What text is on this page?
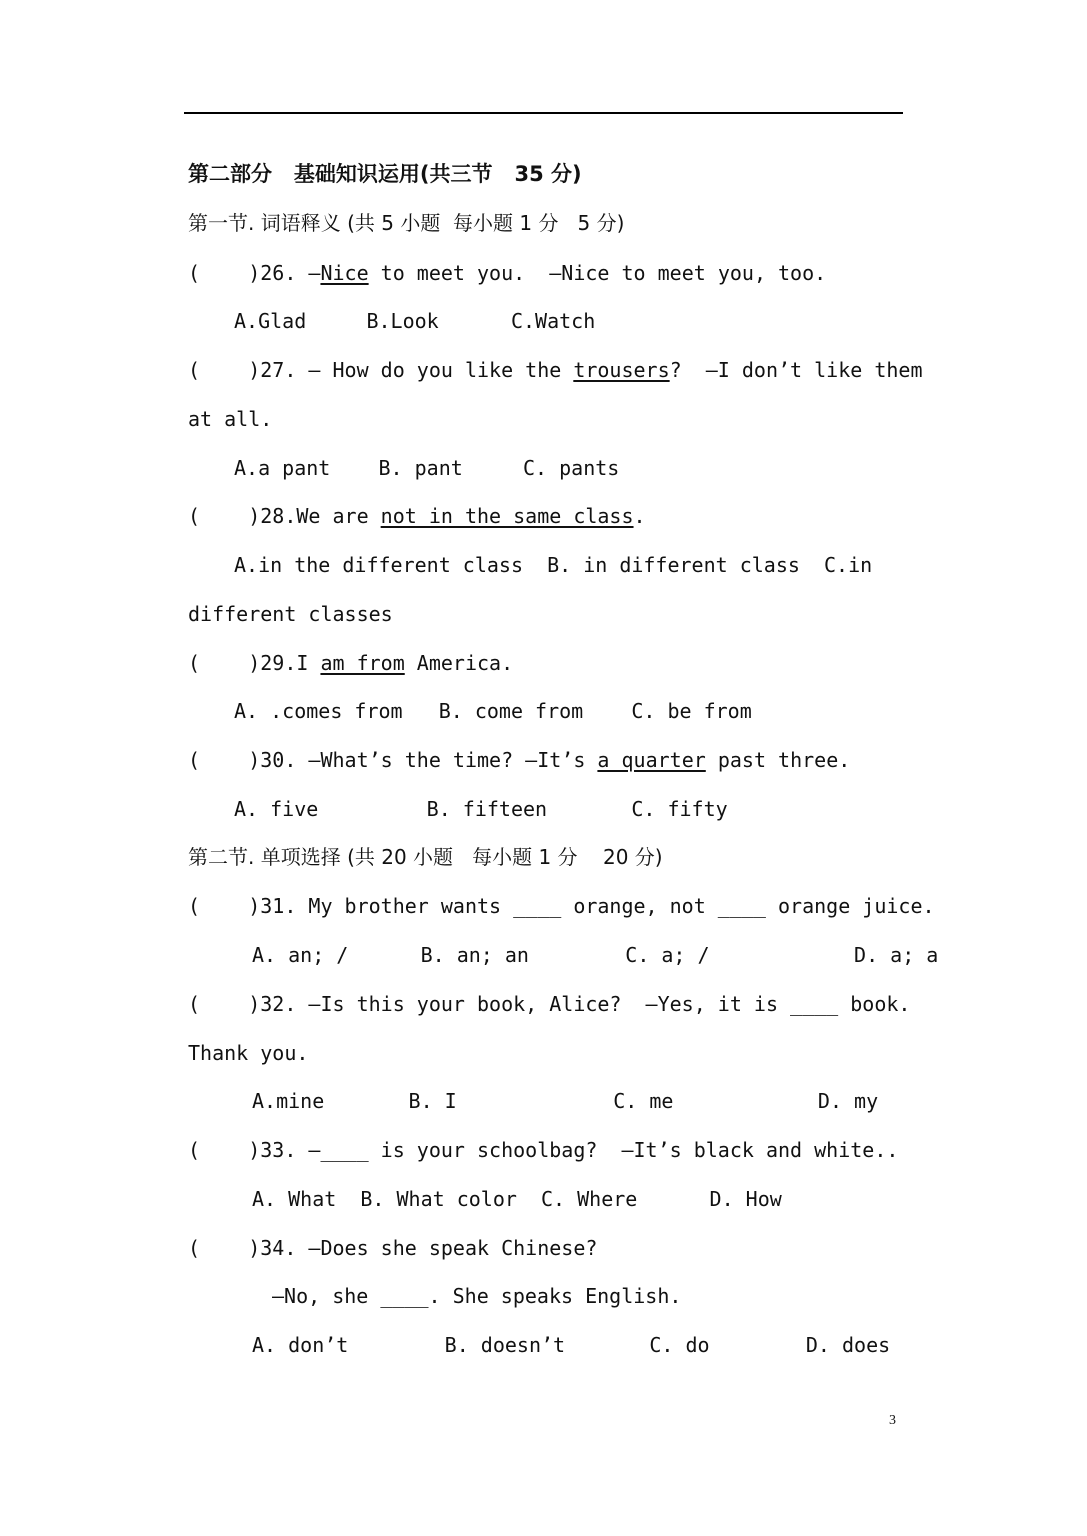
第二部分   基础知识运用(共三节   35 分)
第一节. 词语释义 (共 5 小题  每小题 1 分   5 分)
(    )26. —Nice to meet you.  —Nice to meet you, too.
A.Glad     B.Look      C.Watch
(    )27. — How do you like the trousers?  —I don’t like them
at all.
A.a pant    B. pant     C. pants
(    )28.We are not in the same class.
A.in the different class  B. in different class  C.in
different classes
(    )29.I am from America.
A. .comes from   B. come from    C. be from
(    )30. —What’s the time? —It’s a quarter past three.
A. five         B. fifteen       C. fifty
第二节. 单项选择 (共 20 小题   每小题 1 分    20 分)
(    )31. My brother wants ____ orange, not ____ orange juice.
A. an; /      B. an; an        C. a; /            D. a; a
(    )32. —Is this your book, Alice?  —Yes, it is ____ book.
Thank you.
A.mine       B. I             C. me            D. my
(    )33. —____ is your schoolbag?  —It’s black and white..
A. What  B. What color  C. Where      D. How
(    )34. —Does she speak Chinese?
—No, she ____. She speaks English.
A. don’t        B. doesn’t       C. do        D. does
3
